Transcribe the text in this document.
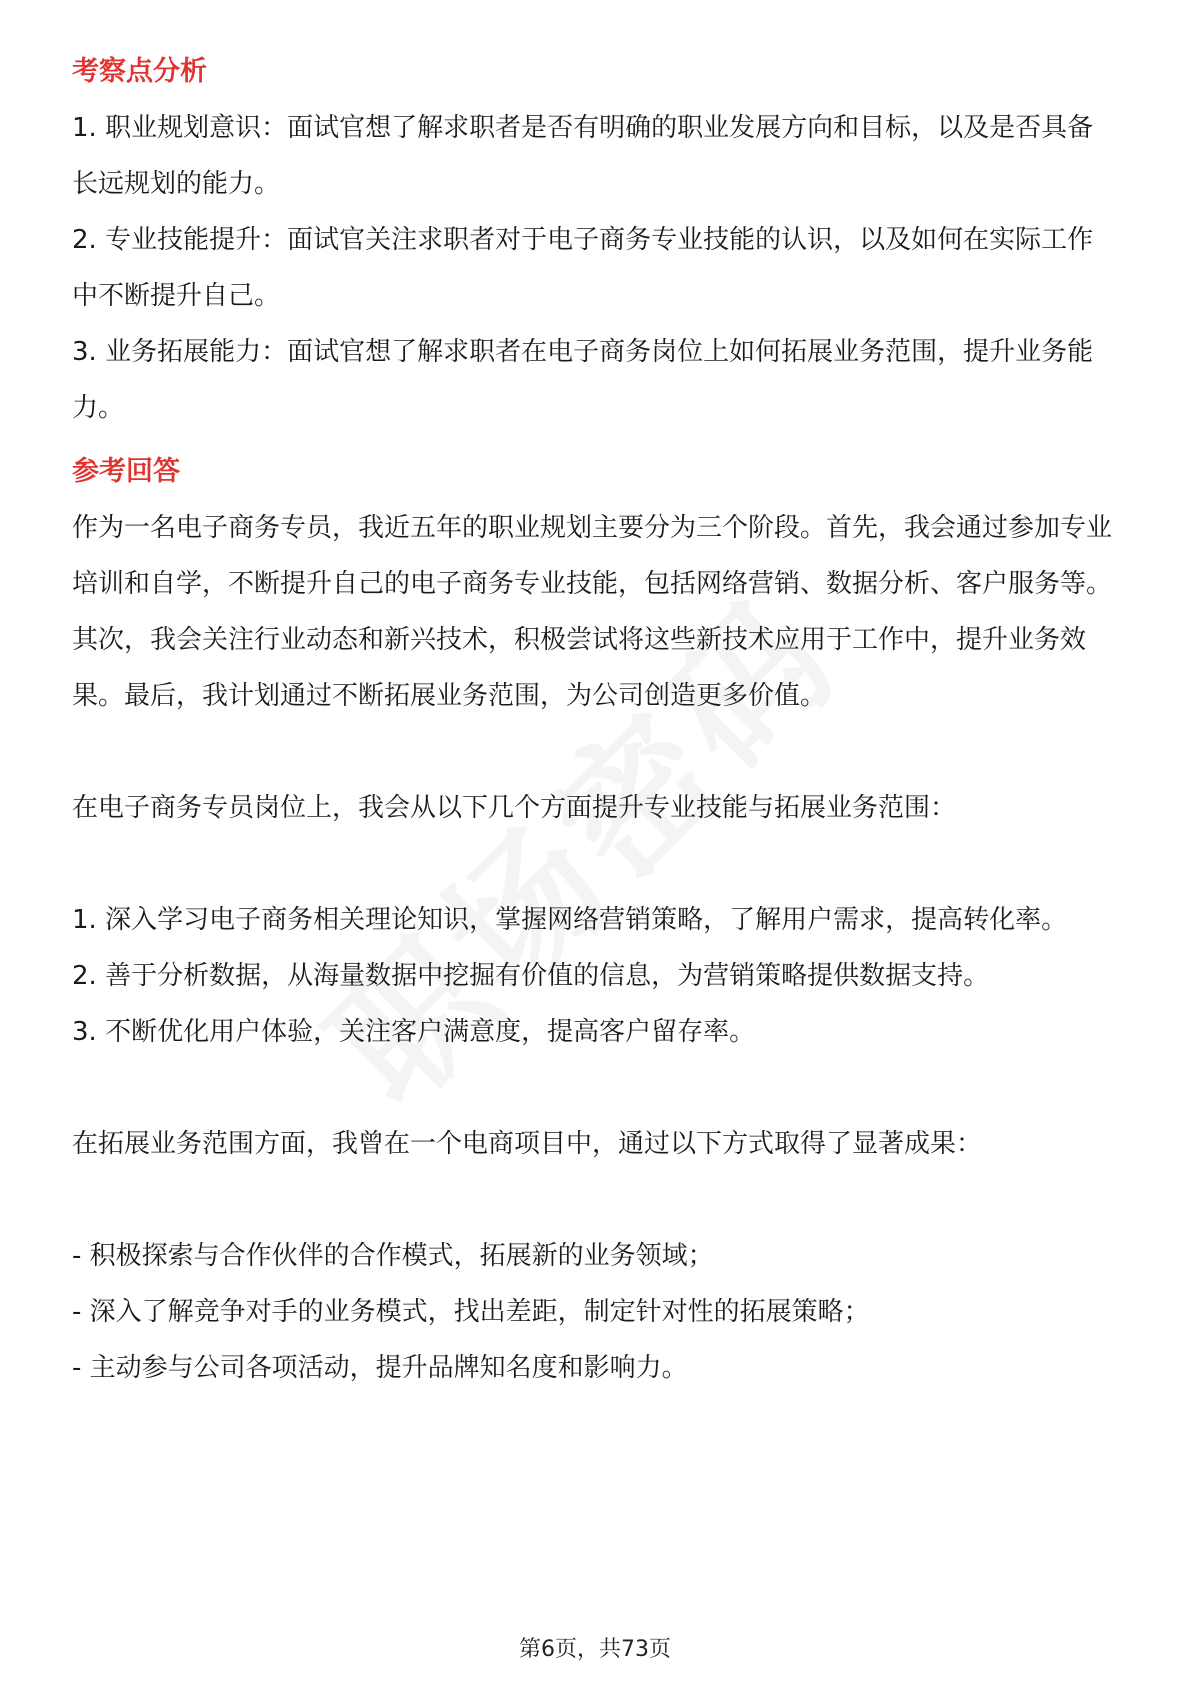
考察点分析

1. 职业规划意识：面试官想了解求职者是否有明确的职业发展方向和目标，以及是否具备长远规划的能力。

2. 专业技能提升：面试官关注求职者对于电子商务专业技能的认识，以及如何在实际工作中不断提升自己。

3. 业务拓展能力：面试官想了解求职者在电子商务岗位上如何拓展业务范围，提升业务能力。

参考回答

作为一名电子商务专员，我近五年的职业规划主要分为三个阶段。首先，我会通过参加专业培训和自学，不断提升自己的电子商务专业技能，包括网络营销、数据分析、客户服务等。其次，我会关注行业动态和新兴技术，积极尝试将这些新技术应用于工作中，提升业务效果。最后，我计划通过不断拓展业务范围，为公司创造更多价值。

在电子商务专员岗位上，我会从以下几个方面提升专业技能与拓展业务范围：

1. 深入学习电子商务相关理论知识，掌握网络营销策略，了解用户需求，提高转化率。

2. 善于分析数据，从海量数据中挖掘有价值的信息，为营销策略提供数据支持。

3. 不断优化用户体验，关注客户满意度，提高客户留存率。

在拓展业务范围方面，我曾在一个电商项目中，通过以下方式取得了显著成果：

- 积极探索与合作伙伴的合作模式，拓展新的业务领域；

- 深入了解竞争对手的业务模式，找出差距，制定针对性的拓展策略；

- 主动参与公司各项活动，提升品牌知名度和影响力。

第6页，共73页
